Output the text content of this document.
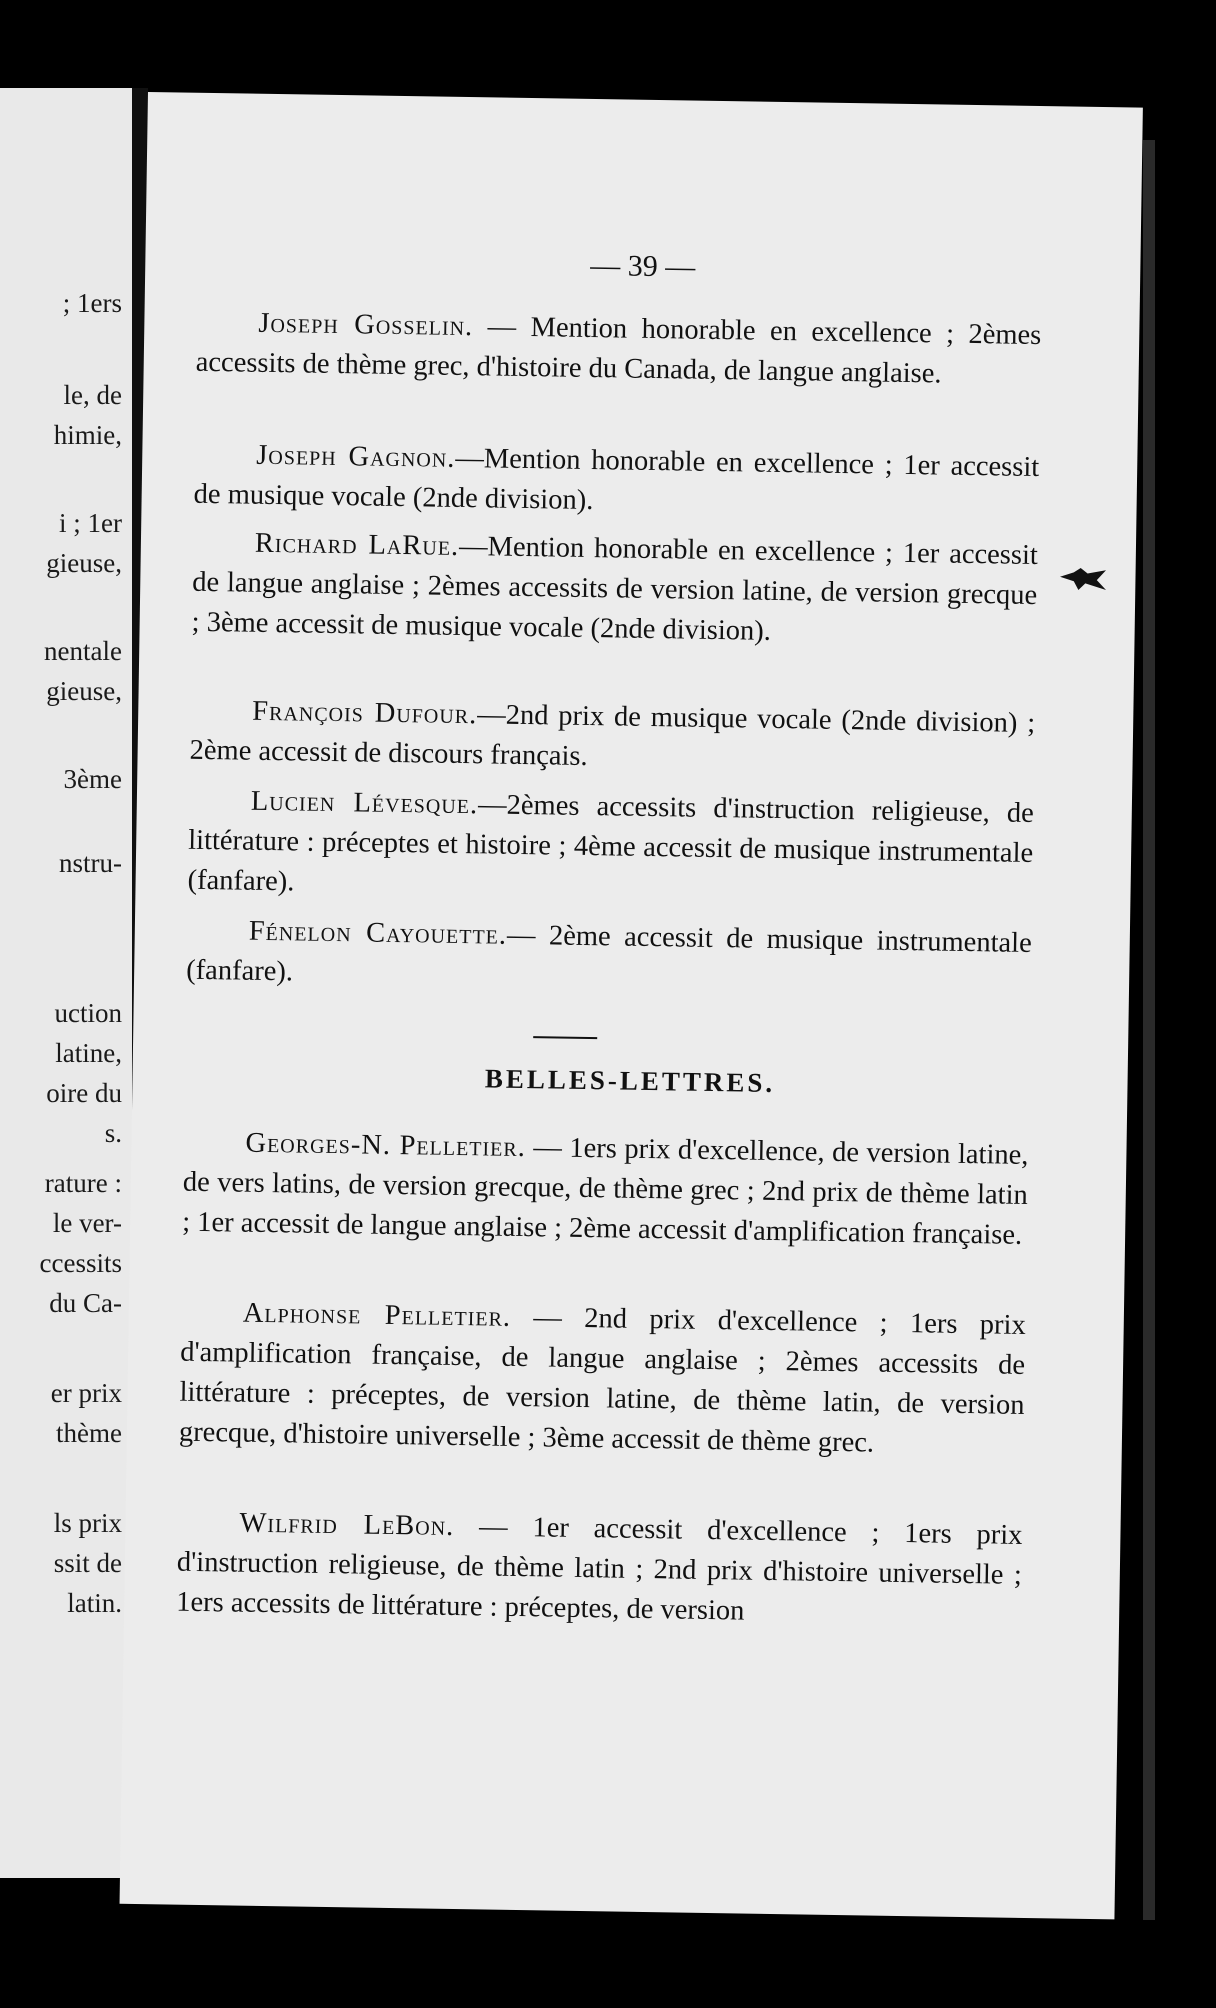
; 1ers
le, de
himie,
i ; 1er
gieuse,
nentale
gieuse,
3ème
nstru-
uction
latine,
oire du
s.
rature :
le ver-
ccessits
du Ca-
er prix
thème
ls prix
ssit de
latin.
— 39 —
Joseph Gosselin. — Mention honorable en excellence ; 2èmes accessits de thème grec, d'histoire du Canada, de langue anglaise.
Joseph Gagnon.—Mention honorable en excellence ; 1er accessit de musique vocale (2nde division).
Richard LaRue.—Mention honorable en excellence ; 1er accessit de langue anglaise ; 2èmes accessits de version latine, de version grecque ; 3ème accessit de musique vocale (2nde division).
François Dufour.—2nd prix de musique vocale (2nde division) ; 2ème accessit de discours français.
Lucien Lévesque.—2èmes accessits d'instruction religieuse, de littérature : préceptes et histoire ; 4ème accessit de musique instrumentale (fanfare).
Fénelon Cayouette.— 2ème accessit de musique instrumentale (fanfare).
BELLES-LETTRES.
Georges-N. Pelletier. — 1ers prix d'excellence, de version latine, de vers latins, de version grecque, de thème grec ; 2nd prix de thème latin ; 1er accessit de langue anglaise ; 2ème accessit d'amplification française.
Alphonse Pelletier. — 2nd prix d'excellence ; 1ers prix d'amplification française, de langue anglaise ; 2èmes accessits de littérature : préceptes, de version latine, de thème latin, de version grecque, d'histoire universelle ; 3ème accessit de thème grec.
Wilfrid LeBon. — 1er accessit d'excellence ; 1ers prix d'instruction religieuse, de thème latin ; 2nd prix d'histoire universelle ; 1ers accessits de littérature : préceptes, de version
